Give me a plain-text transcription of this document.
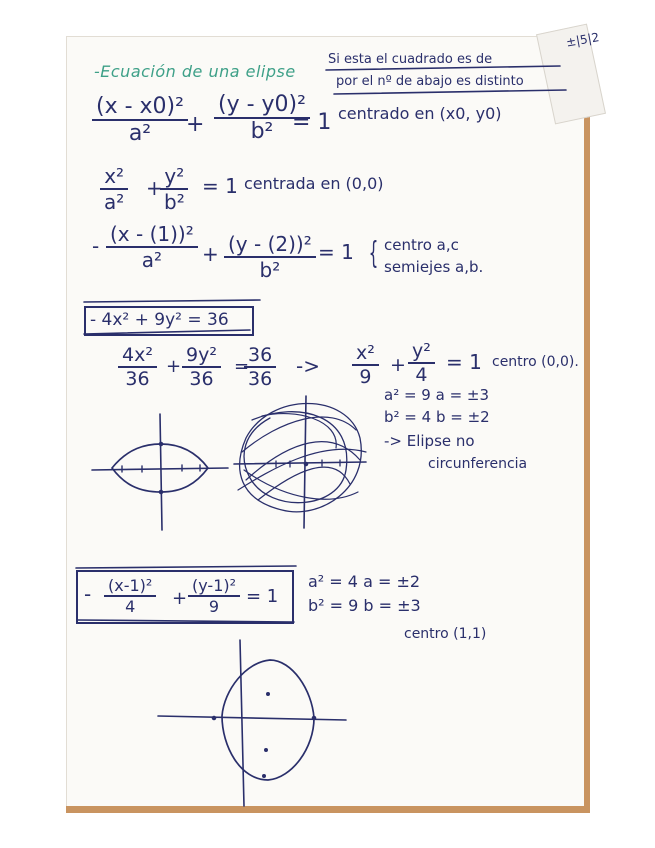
±|5|2
-Ecuación de una elipse
Si esta el cuadrado es de
por el nº de abajo es distinto
$\frac{\text{(x - x0)²}}{\text{a²}}$
+ $\frac{\text{(y - y0)²}}{\text{b²}}$
= 1 centrado en (x0, y0)
$\frac{\text{x²}}{\text{a²}}$ +
$\frac{\text{y²}}{\text{b²}} = 1$ centrada en (0,0)
- $\frac{\text{(x - (1))²}}{\text{a²}} + \frac{\text{(y - (2))²}}{\text{b²}} = 1$ { centro a,c
semiejes a,b.
- 4x² + 9y² = 36
$\frac{\text{4x²}}{36} + \frac{\text{9y²}}{36}$ =
$\frac{36}{36} -> \frac{\text{x²}}{9} + \frac{\text{y²}}{4} = 1$ centro (0,0).
a² = 9 a = ±3
b² = 4 b = ±2
-> Elipse no
circunferencia
- $\frac{\text{(x-1)²}}{4} + \frac{\text{(y-1)²}}{9} = 1$
a² = 4 a = ±2
b² = 9 b = ±3
centro (1,1)
